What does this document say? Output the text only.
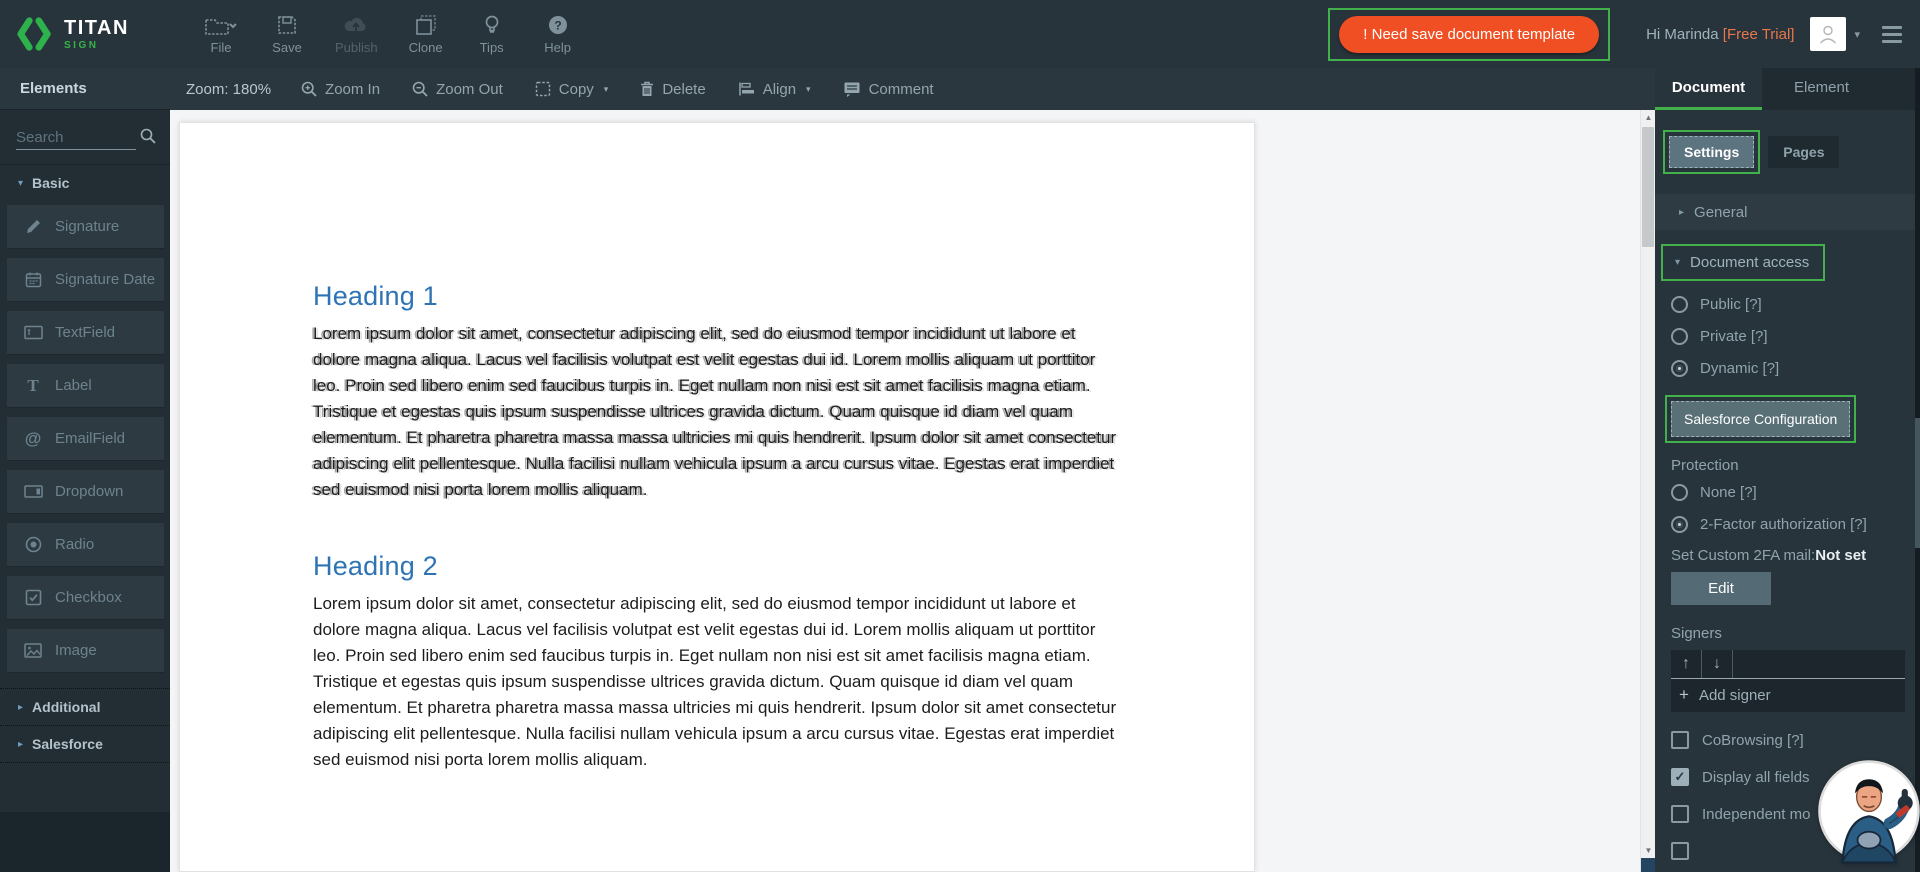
TITAN
SIGN	File	Save	Publish Clone	Tips
?
Help
! Need save document template	Hi Marinda [Free Trial]	▾
Elements
Search
▾ Basic
Signature
Signature Date
TextField
T Label
@ EmailField
Dropdown
Radio
Checkbox
Image
▸ Additional
▸ Salesforce
Zoom: 180%	Zoom In	Zoom Out	Copy ▾	Delete	Align ▾	Comment
Heading 1

Lorem ipsum dolor sit amet, consectetur adipiscing elit, sed do eiusmod tempor incididunt ut labore et dolore magna aliqua. Lacus vel facilisis volutpat est velit egestas dui id. Lorem mollis aliquam ut porttitor leo. Proin sed libero enim sed faucibus turpis in. Eget nullam non nisi est sit amet facilisis magna etiam. Tristique et egestas quis ipsum suspendisse ultrices gravida dictum. Quam quisque id diam vel quam elementum. Et pharetra pharetra massa massa ultricies mi quis hendrerit. Ipsum dolor sit amet consectetur adipiscing elit pellentesque. Nulla facilisi nullam vehicula ipsum a arcu cursus vitae. Egestas erat imperdiet sed euismod nisi porta lorem mollis aliquam.

Heading 2

Lorem ipsum dolor sit amet, consectetur adipiscing elit, sed do eiusmod tempor incididunt ut labore et dolore magna aliqua. Lacus vel facilisis volutpat est velit egestas dui id. Lorem mollis aliquam ut porttitor leo. Proin sed libero enim sed faucibus turpis in. Eget nullam non nisi est sit amet facilisis magna etiam. Tristique et egestas quis ipsum suspendisse ultrices gravida dictum. Quam quisque id diam vel quam elementum. Et pharetra pharetra massa massa ultricies mi quis hendrerit. Ipsum dolor sit amet consectetur adipiscing elit pellentesque. Nulla facilisi nullam vehicula ipsum a arcu cursus vitae. Egestas erat imperdiet sed euismod nisi porta lorem mollis aliquam.

▲
▼
Document	Element
Settings	Pages
▸ General
▾ Document access
Public [?]
Private [?]
Dynamic [?]
Salesforce Configuration
Protection
None [?]
2-Factor authorization [?]
Set Custom 2FA mail:Not set
Edit
Signers
↑	↓
+ Add signer
CoBrowsing [?]
✓ Display all fields
Independent mo
